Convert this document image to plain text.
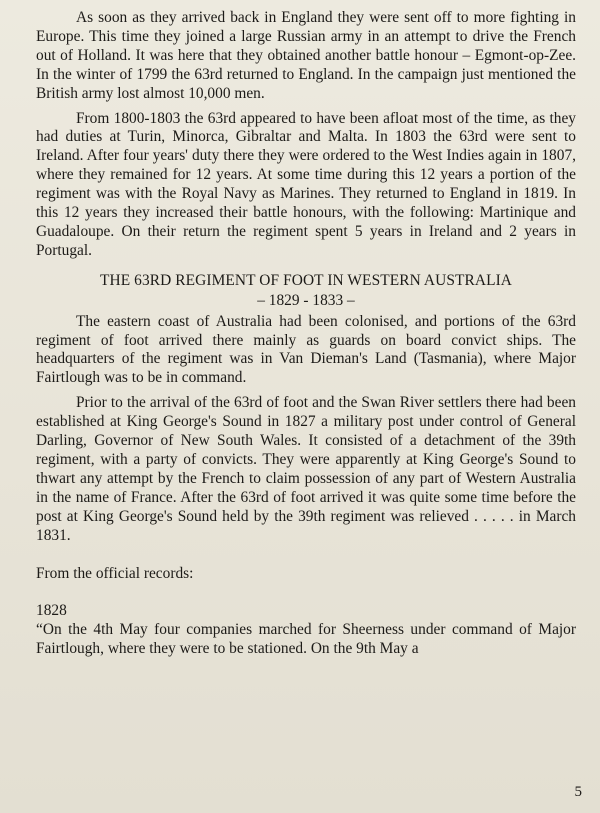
As soon as they arrived back in England they were sent off to more fighting in Europe. This time they joined a large Russian army in an attempt to drive the French out of Holland. It was here that they obtained another battle honour – Egmont-op-Zee. In the winter of 1799 the 63rd returned to England. In the campaign just mentioned the British army lost almost 10,000 men.

From 1800-1803 the 63rd appeared to have been afloat most of the time, as they had duties at Turin, Minorca, Gibraltar and Malta. In 1803 the 63rd were sent to Ireland. After four years' duty there they were ordered to the West Indies again in 1807, where they remained for 12 years. At some time during this 12 years a portion of the regiment was with the Royal Navy as Marines. They returned to England in 1819. In this 12 years they increased their battle honours, with the following: Martinique and Guadaloupe. On their return the regiment spent 5 years in Ireland and 2 years in Portugal.

THE 63RD REGIMENT OF FOOT IN WESTERN AUSTRALIA

– 1829 - 1833 –

The eastern coast of Australia had been colonised, and portions of the 63rd regiment of foot arrived there mainly as guards on board convict ships. The headquarters of the regiment was in Van Dieman's Land (Tasmania), where Major Fairtlough was to be in command.

Prior to the arrival of the 63rd of foot and the Swan River settlers there had been established at King George's Sound in 1827 a military post under control of General Darling, Governor of New South Wales. It consisted of a detachment of the 39th regiment, with a party of convicts. They were apparently at King George's Sound to thwart any attempt by the French to claim possession of any part of Western Australia in the name of France. After the 63rd of foot arrived it was quite some time before the post at King George's Sound held by the 39th regiment was relieved . . . . . in March 1831.

From the official records:

1828

“On the 4th May four companies marched for Sheerness under command of Major Fairtlough, where they were to be stationed. On the 9th May a

5
